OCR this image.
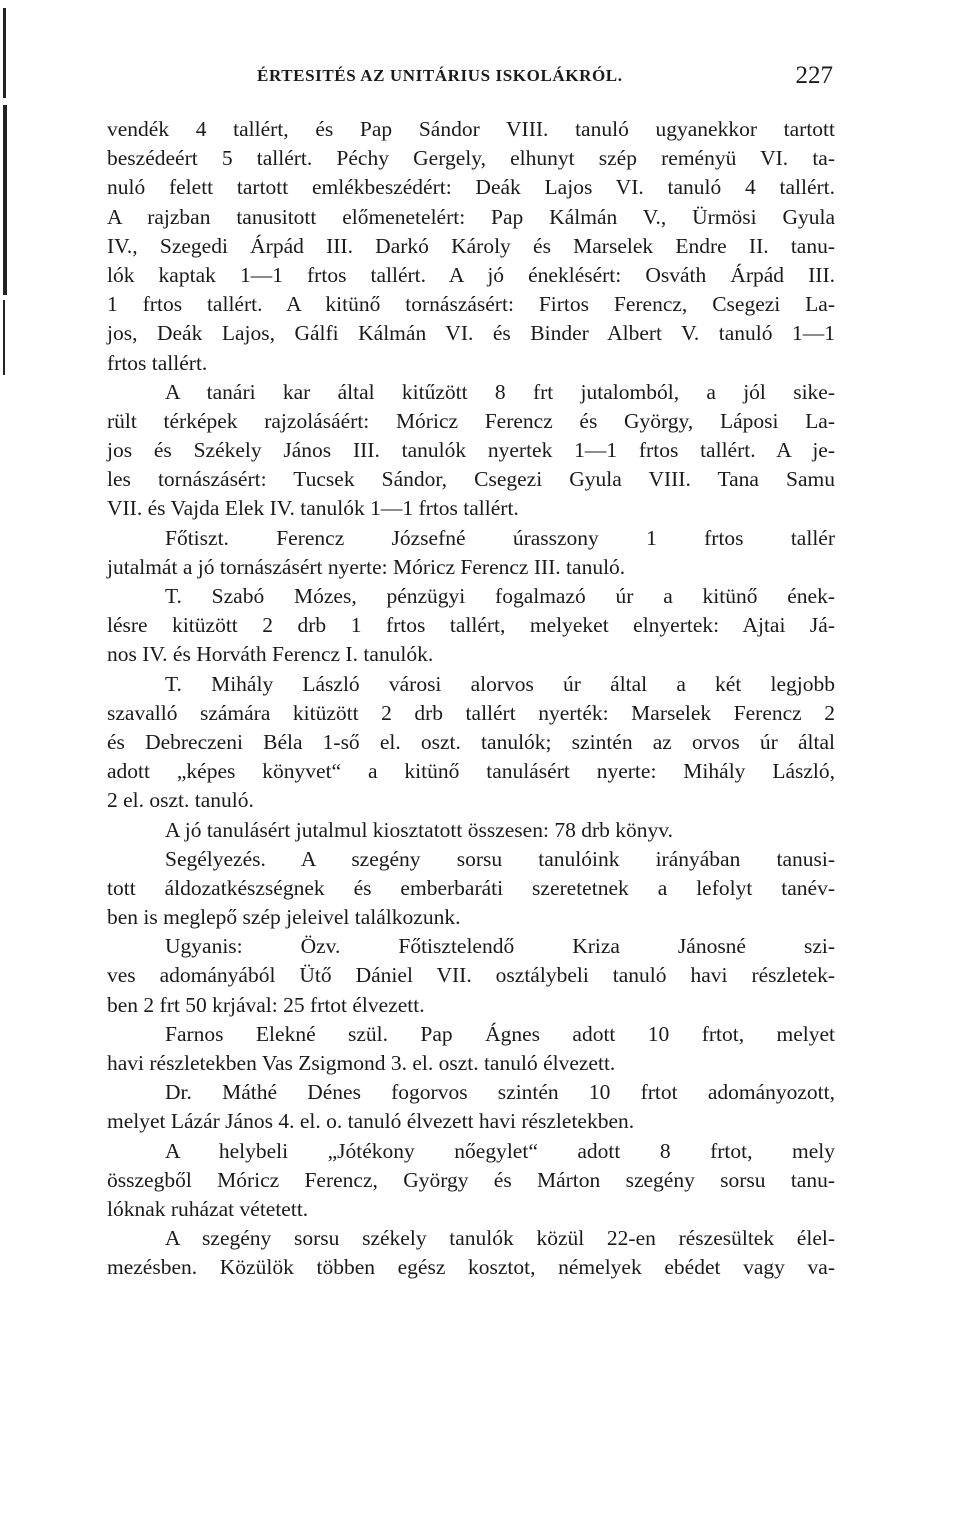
ÉRTESITÉS AZ UNITÁRIUS ISKOLÁKRÓL.	227
vendék 4 tallért, és Pap Sándor VIII. tanuló ugyanekkor tartott
beszédeért 5 tallért. Péchy Gergely, elhunyt szép reményü VI. ta-
nuló felett tartott emlékbeszédért: Deák Lajos VI. tanuló 4 tallért.
A rajzban tanusitott előmenetelért: Pap Kálmán V., Ürmösi Gyula
IV., Szegedi Árpád III. Darkó Károly és Marselek Endre II. tanu-
lók kaptak 1—1 frtos tallért. A jó éneklésért: Osváth Árpád III.
1 frtos tallért. A kitünő tornászásért: Firtos Ferencz, Csegezi La-
jos, Deák Lajos, Gálfi Kálmán VI. és Binder Albert V. tanuló 1—1
frtos tallért.
A tanári kar által kitűzött 8 frt jutalomból, a jól sike-
rült térképek rajzolásáért: Móricz Ferencz és György, Láposi La-
jos és Székely János III. tanulók nyertek 1—1 frtos tallért. A je-
les tornászásért: Tucsek Sándor, Csegezi Gyula VIII. Tana Samu
VII. és Vajda Elek IV. tanulók 1—1 frtos tallért.
Főtiszt. Ferencz Józsefné úrasszony 1 frtos tallér
jutalmát a jó tornászásért nyerte: Móricz Ferencz III. tanuló.
T. Szabó Mózes, pénzügyi fogalmazó úr a kitünő ének-
lésre kitüzött 2 drb 1 frtos tallért, melyeket elnyertek: Ajtai Já-
nos IV. és Horváth Ferencz I. tanulók.
T. Mihály László városi alorvos úr által a két legjobb
szavalló számára kitüzött 2 drb tallért nyerték: Marselek Ferencz 2
és Debreczeni Béla 1-ső el. oszt. tanulók; szintén az orvos úr által
adott „képes könyvet“ a kitünő tanulásért nyerte: Mihály László,
2 el. oszt. tanuló.
A jó tanulásért jutalmul kiosztatott összesen: 78 drb könyv.
Segélyezés. A szegény sorsu tanulóink irányában tanusi-
tott áldozatkészségnek és emberbaráti szeretetnek a lefolyt tanév-
ben is meglepő szép jeleivel találkozunk.
Ugyanis: Özv. Főtisztelendő Kriza Jánosné szi-
ves adományából Ütő Dániel VII. osztálybeli tanuló havi részletek-
ben 2 frt 50 krjával: 25 frtot élvezett.
Farnos Elekné szül. Pap Ágnes adott 10 frtot, melyet
havi részletekben Vas Zsigmond 3. el. oszt. tanuló élvezett.
Dr. Máthé Dénes fogorvos szintén 10 frtot adományozott,
melyet Lázár János 4. el. o. tanuló élvezett havi részletekben.
A helybeli „Jótékony nőegylet“ adott 8 frtot, mely
összegből Móricz Ferencz, György és Márton szegény sorsu tanu-
lóknak ruházat vétetett.
A szegény sorsu székely tanulók közül 22-en részesültek élel-
mezésben. Közülök többen egész kosztot, némelyek ebédet vagy va-
